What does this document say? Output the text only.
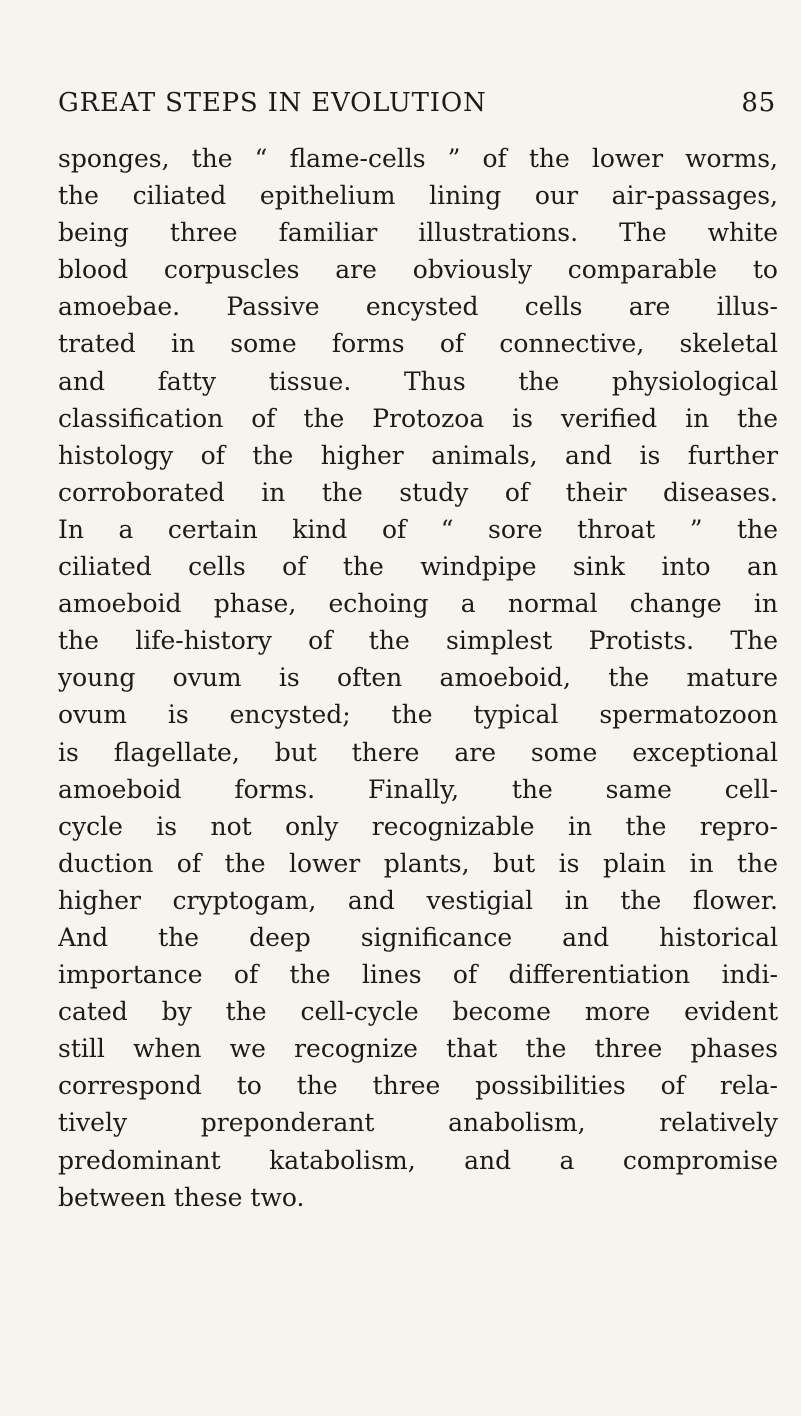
GREAT STEPS IN EVOLUTION	85
sponges, the “ flame-cells ” of the lower worms,
the ciliated epithelium lining our air-passages,
being three familiar illustrations. The white
blood corpuscles are obviously comparable to
amoebae. Passive encysted cells are illus-
trated in some forms of connective, skeletal
and fatty tissue. Thus the physiological
classification of the Protozoa is verified in the
histology of the higher animals, and is further
corroborated in the study of their diseases.
In a certain kind of “ sore throat ” the
ciliated cells of the windpipe sink into an
amoeboid phase, echoing a normal change in
the life-history of the simplest Protists. The
young ovum is often amoeboid, the mature
ovum is encysted; the typical spermatozoon
is flagellate, but there are some exceptional
amoeboid forms. Finally, the same cell-
cycle is not only recognizable in the repro-
duction of the lower plants, but is plain in the
higher cryptogam, and vestigial in the flower.
And the deep significance and historical
importance of the lines of differentiation indi-
cated by the cell-cycle become more evident
still when we recognize that the three phases
correspond to the three possibilities of rela-
tively preponderant anabolism, relatively
predominant katabolism, and a compromise
between these two.
